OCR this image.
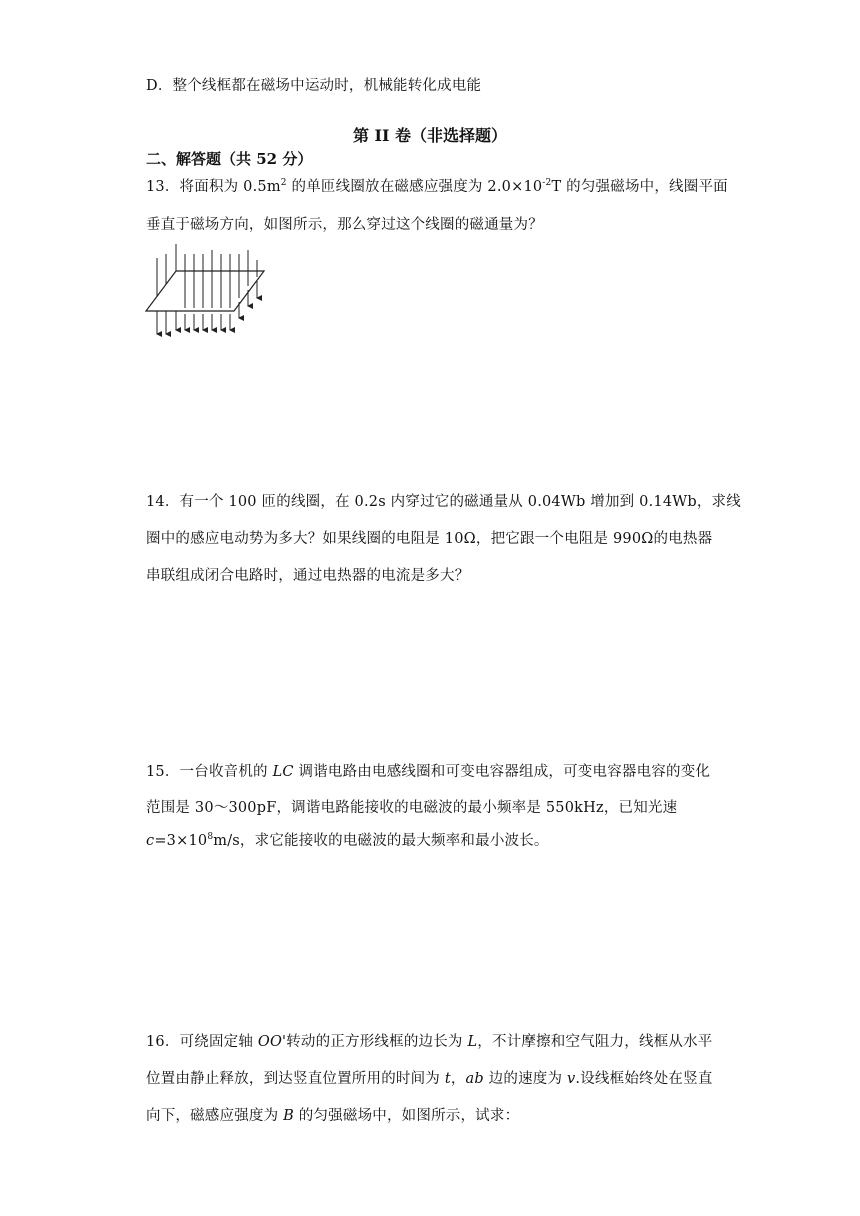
D．整个线框都在磁场中运动时，机械能转化成电能
第 II 卷（非选择题）
二、解答题（共 52 分）
13．将面积为 $0.5m^2$ 的单匝线圈放在磁感应强度为 $2.0\times 10^{-2}T$ 的匀强磁场中，线圈平面
垂直于磁场方向，如图所示，那么穿过这个线圈的磁通量为？
14．有一个 100 匝的线圈，在 0.2s 内穿过它的磁通量从 0.04Wb 增加到 0.14Wb，求线
圈中的感应电动势为多大？如果线圈的电阻是 10Ω，把它跟一个电阻是 990Ω的电热器
串联组成闭合电路时，通过电热器的电流是多大？
15．一台收音机的 LC 调谐电路由电感线圈和可变电容器组成，可变电容器电容的变化
范围是 30～300pF，调谐电路能接收的电磁波的最小频率是 550kHz，已知光速
$c=3\times 10^8m/s$，求它能接收的电磁波的最大频率和最小波长。
16．可绕固定轴 OO'转动的正方形线框的边长为 L，不计摩擦和空气阻力，线框从水平
位置由静止释放，到达竖直位置所用的时间为 t，ab 边的速度为 v.设线框始终处在竖直
向下，磁感应强度为 B 的匀强磁场中，如图所示，试求：
